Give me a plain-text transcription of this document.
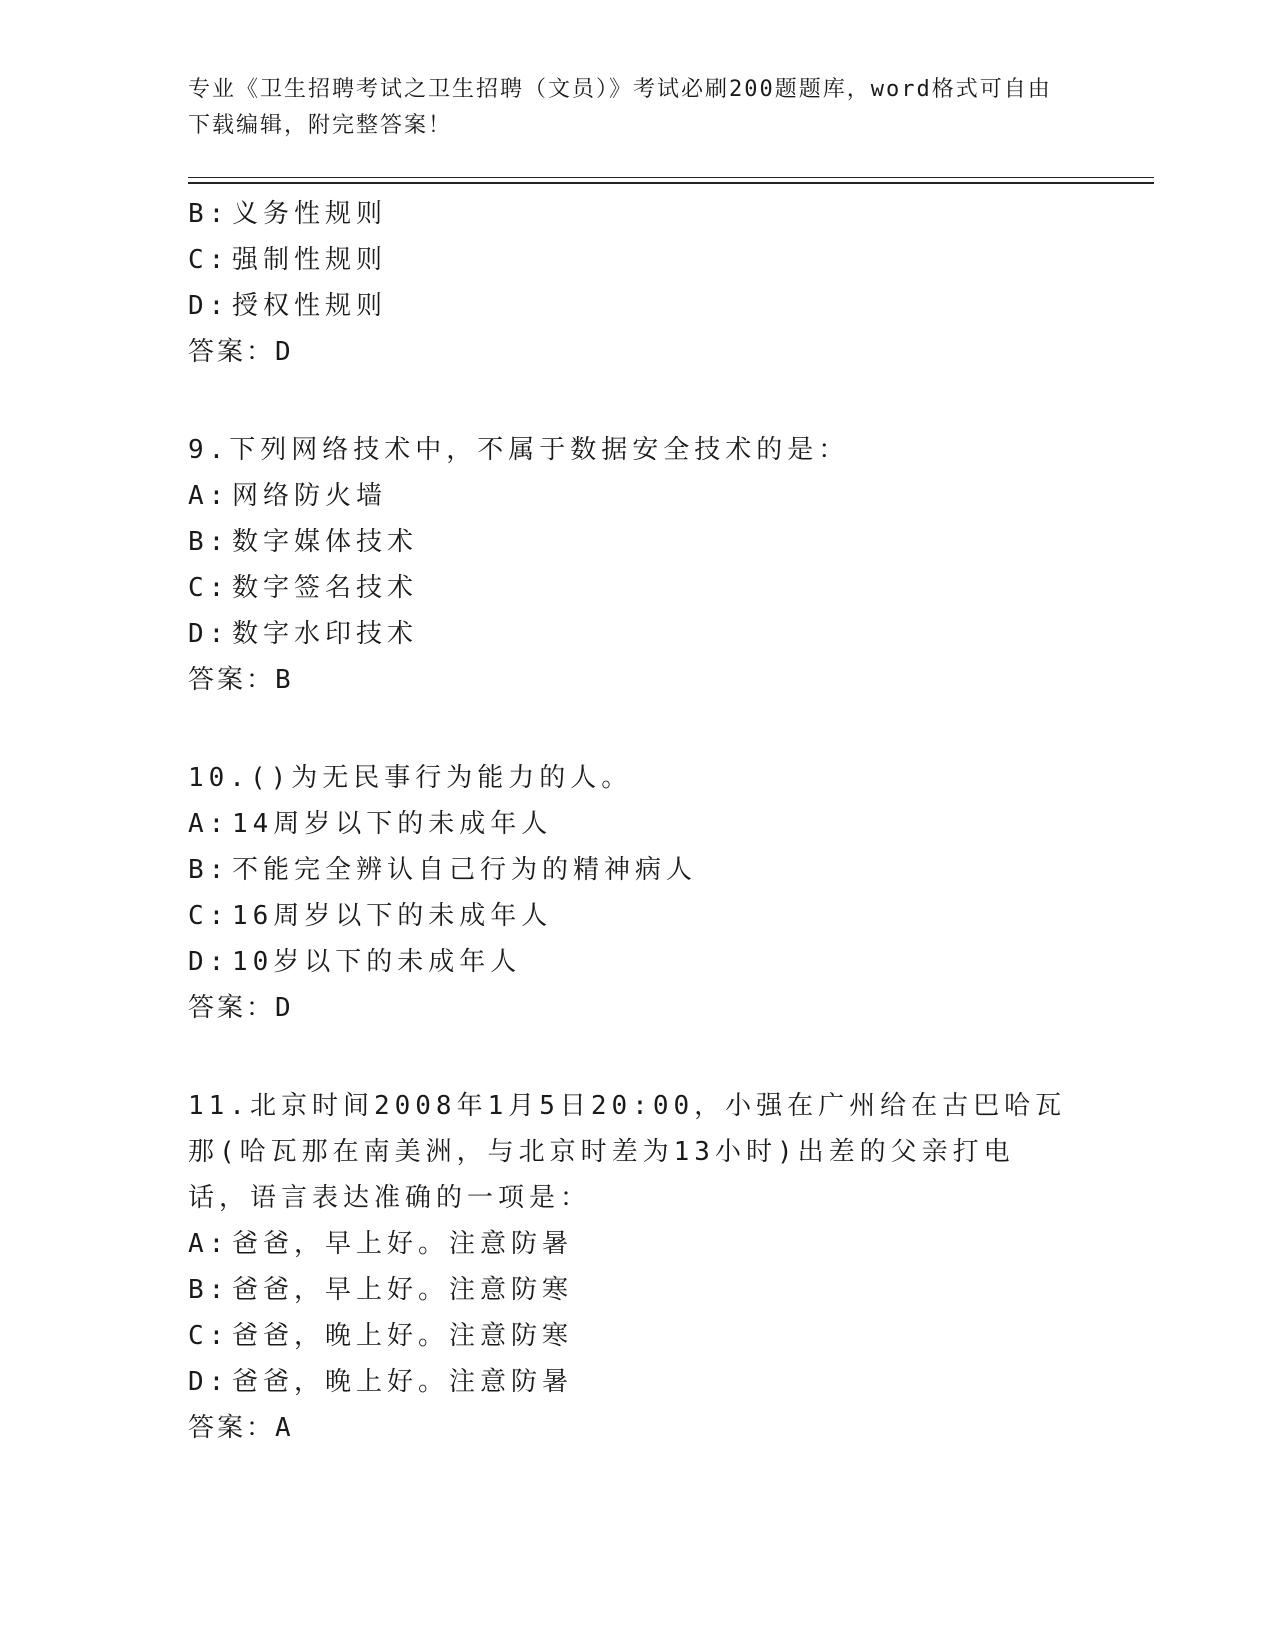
专业《卫生招聘考试之卫生招聘（文员）》考试必刷200题题库，word格式可自由下载编辑，附完整答案！
B: 义务性规则
C: 强制性规则
D: 授权性规则
答案：D
9.下列网络技术中，不属于数据安全技术的是：
A: 网络防火墙
B: 数字媒体技术
C: 数字签名技术
D: 数字水印技术
答案：B
10.()为无民事行为能力的人。
A: 14周岁以下的未成年人
B: 不能完全辨认自己行为的精神病人
C: 16周岁以下的未成年人
D: 10岁以下的未成年人
答案：D
11.北京时间2008年1月5日20:00，小强在广州给在古巴哈瓦那(哈瓦那在南美洲，与北京时差为13小时)出差的父亲打电话，语言表达准确的一项是：
A: 爸爸，早上好。注意防暑
B: 爸爸，早上好。注意防寒
C: 爸爸，晚上好。注意防寒
D: 爸爸，晚上好。注意防暑
答案：A
